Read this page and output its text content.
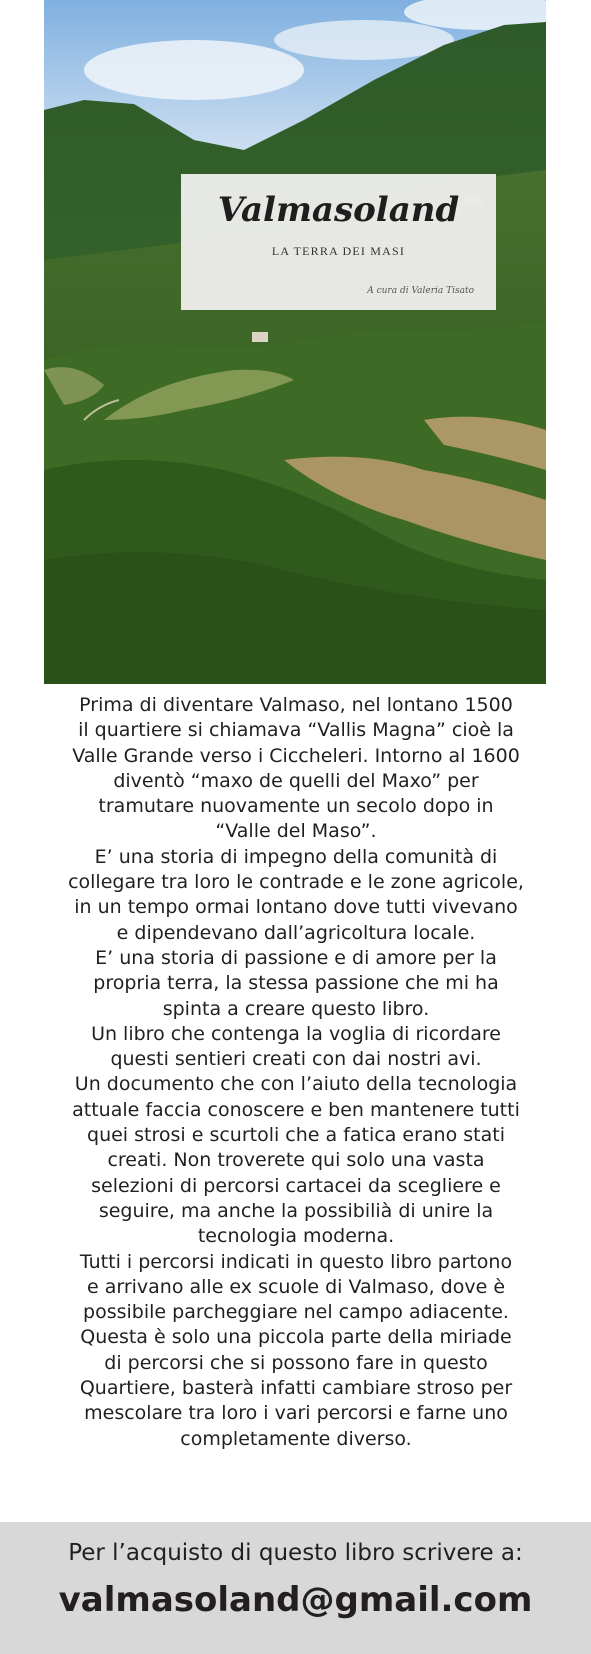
Valmasoland
LA TERRA DEI MASI
A cura di Valeria Tisato
Prima di diventare Valmaso, nel lontano 1500
il quartiere si chiamava “Vallis Magna” cioè la
Valle Grande verso i Ciccheleri. Intorno al 1600
diventò “maxo de quelli del Maxo” per
tramutare nuovamente un secolo dopo in
“Valle del Maso”.
E’ una storia di impegno della comunità di
collegare tra loro le contrade e le zone agricole,
in un tempo ormai lontano dove tutti vivevano
e dipendevano dall’agricoltura locale.
E’ una storia di passione e di amore per la
propria terra, la stessa passione che mi ha
spinta a creare questo libro.
Un libro che contenga la voglia di ricordare
questi sentieri creati con dai nostri avi.
Un documento che con l’aiuto della tecnologia
attuale faccia conoscere e ben mantenere tutti
quei strosi e scurtoli che a fatica erano stati
creati. Non troverete qui solo una vasta
selezioni di percorsi cartacei da scegliere e
seguire, ma anche la possibilià di unire la
tecnologia moderna.
Tutti i percorsi indicati in questo libro partono
e arrivano alle ex scuole di Valmaso, dove è
possibile parcheggiare nel campo adiacente.
Questa è solo una piccola parte della miriade
di percorsi che si possono fare in questo
Quartiere, basterà infatti cambiare stroso per
mescolare tra loro i vari percorsi e farne uno
completamente diverso.
Per l’acquisto di questo libro scrivere a:
valmasoland@gmail.com
